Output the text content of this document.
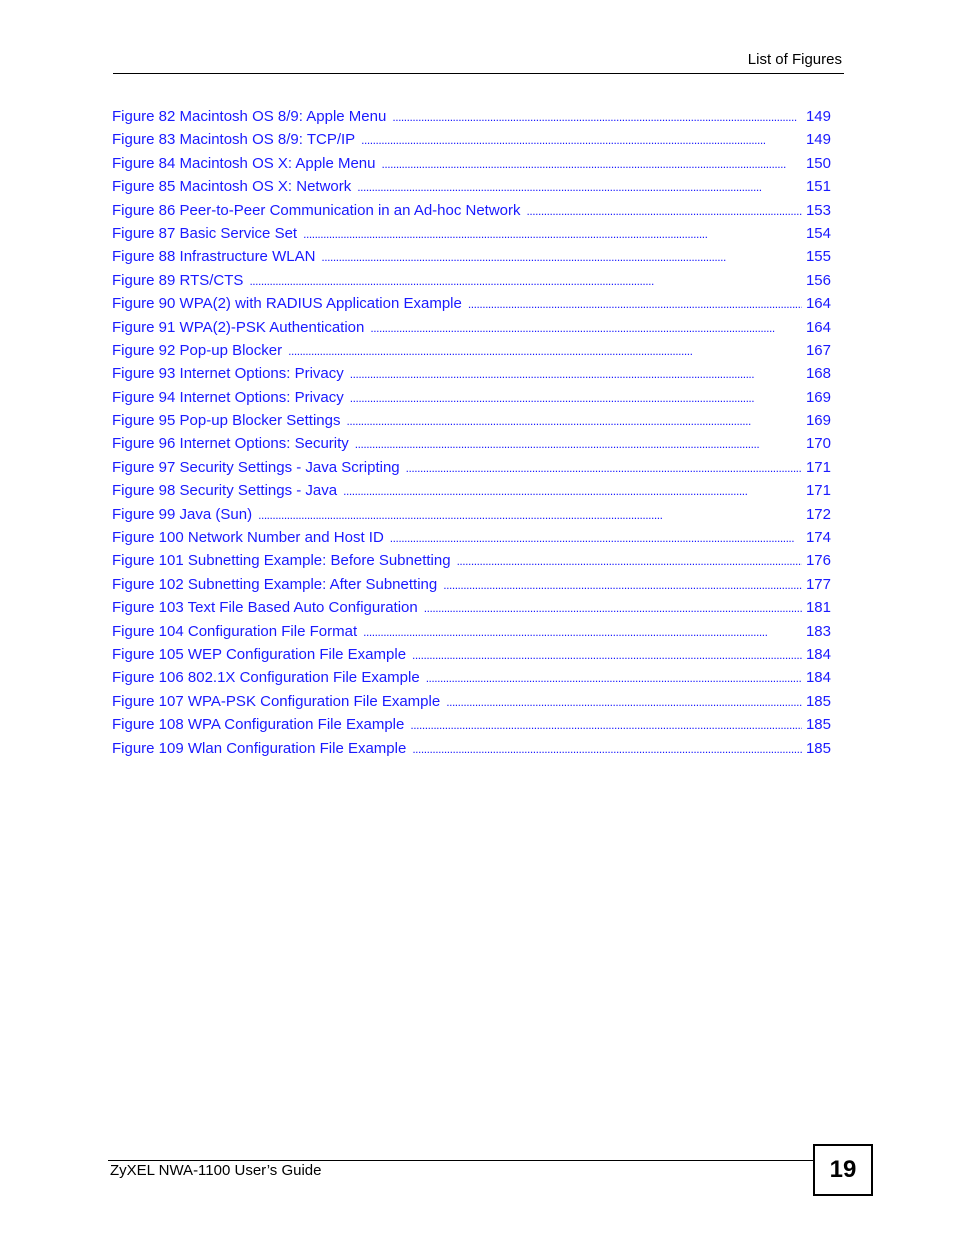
List of Figures
Figure 82 Macintosh OS 8/9: Apple Menu . . .	149
Figure 83 Macintosh OS 8/9: TCP/IP . . .	149
Figure 84 Macintosh OS X: Apple Menu . . .	150
Figure 85 Macintosh OS X: Network . . .	151
Figure 86 Peer-to-Peer Communication in an Ad-hoc Network . . .	153
Figure 87 Basic Service Set . . .	154
Figure 88 Infrastructure WLAN . . .	155
Figure 89 RTS/CTS . . .	156
Figure 90 WPA(2) with RADIUS Application Example . . .	164
Figure 91 WPA(2)-PSK Authentication . . .	164
Figure 92 Pop-up Blocker . . .	167
Figure 93 Internet Options: Privacy . . .	168
Figure 94 Internet Options: Privacy . . .	169
Figure 95 Pop-up Blocker Settings . . .	169
Figure 96 Internet Options: Security . . .	170
Figure 97 Security Settings - Java Scripting . . .	171
Figure 98 Security Settings - Java . . .	171
Figure 99 Java (Sun) . . .	172
Figure 100 Network Number and Host ID . . .	174
Figure 101 Subnetting Example: Before Subnetting . . .	176
Figure 102 Subnetting Example: After Subnetting . . .	177
Figure 103 Text File Based Auto Configuration . . .	181
Figure 104 Configuration File Format . . .	183
Figure 105 WEP Configuration File Example . . .	184
Figure 106 802.1X Configuration File Example . . .	184
Figure 107 WPA-PSK Configuration File Example . . .	185
Figure 108 WPA Configuration File Example . . .	185
Figure 109 Wlan Configuration File Example . . .	185
ZyXEL NWA-1100 User’s Guide	19
